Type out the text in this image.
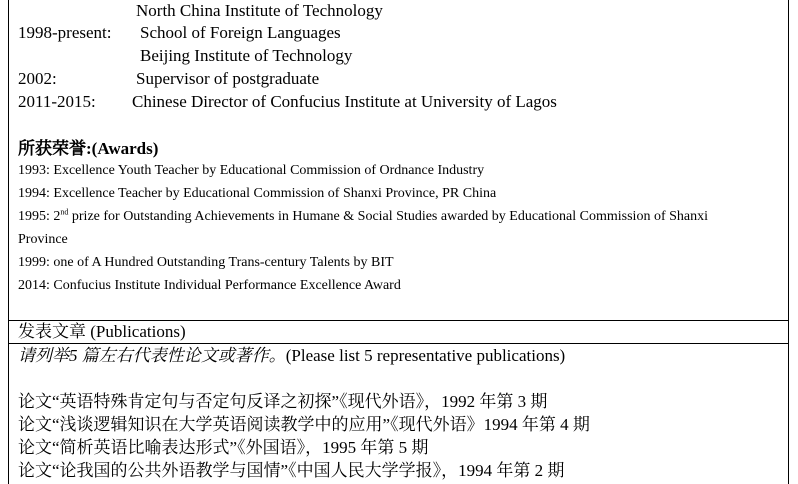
North China Institute of Technology
1998-present: School of Foreign Languages
Beijing Institute of Technology
2002:	Supervisor of postgraduate
2011-2015: Chinese Director of Confucius Institute at University of Lagos
所获荣誉:(Awards)
1993: Excellence Youth Teacher by Educational Commission of Ordnance Industry
1994: Excellence Teacher by Educational Commission of Shanxi Province, PR China
1995: 2nd prize for Outstanding Achievements in Humane & Social Studies awarded by Educational Commission of Shanxi
Province
1999: one of A Hundred Outstanding Trans-century Talents by BIT
2014: Confucius Institute Individual Performance Excellence Award
发表文章 (Publications)
请列举5 篇左右代表性论文或著作。(Please list 5 representative publications)
论文“英语特殊肯定句与否定句反译之初探”《现代外语》，1992 年第 3 期
论文“浅谈逻辑知识在大学英语阅读教学中的应用”《现代外语》1994 年第 4 期
论文“简析英语比喻表达形式”《外国语》，1995 年第 5 期
论文“论我国的公共外语教学与国情”《中国人民大学学报》，1994 年第 2 期
